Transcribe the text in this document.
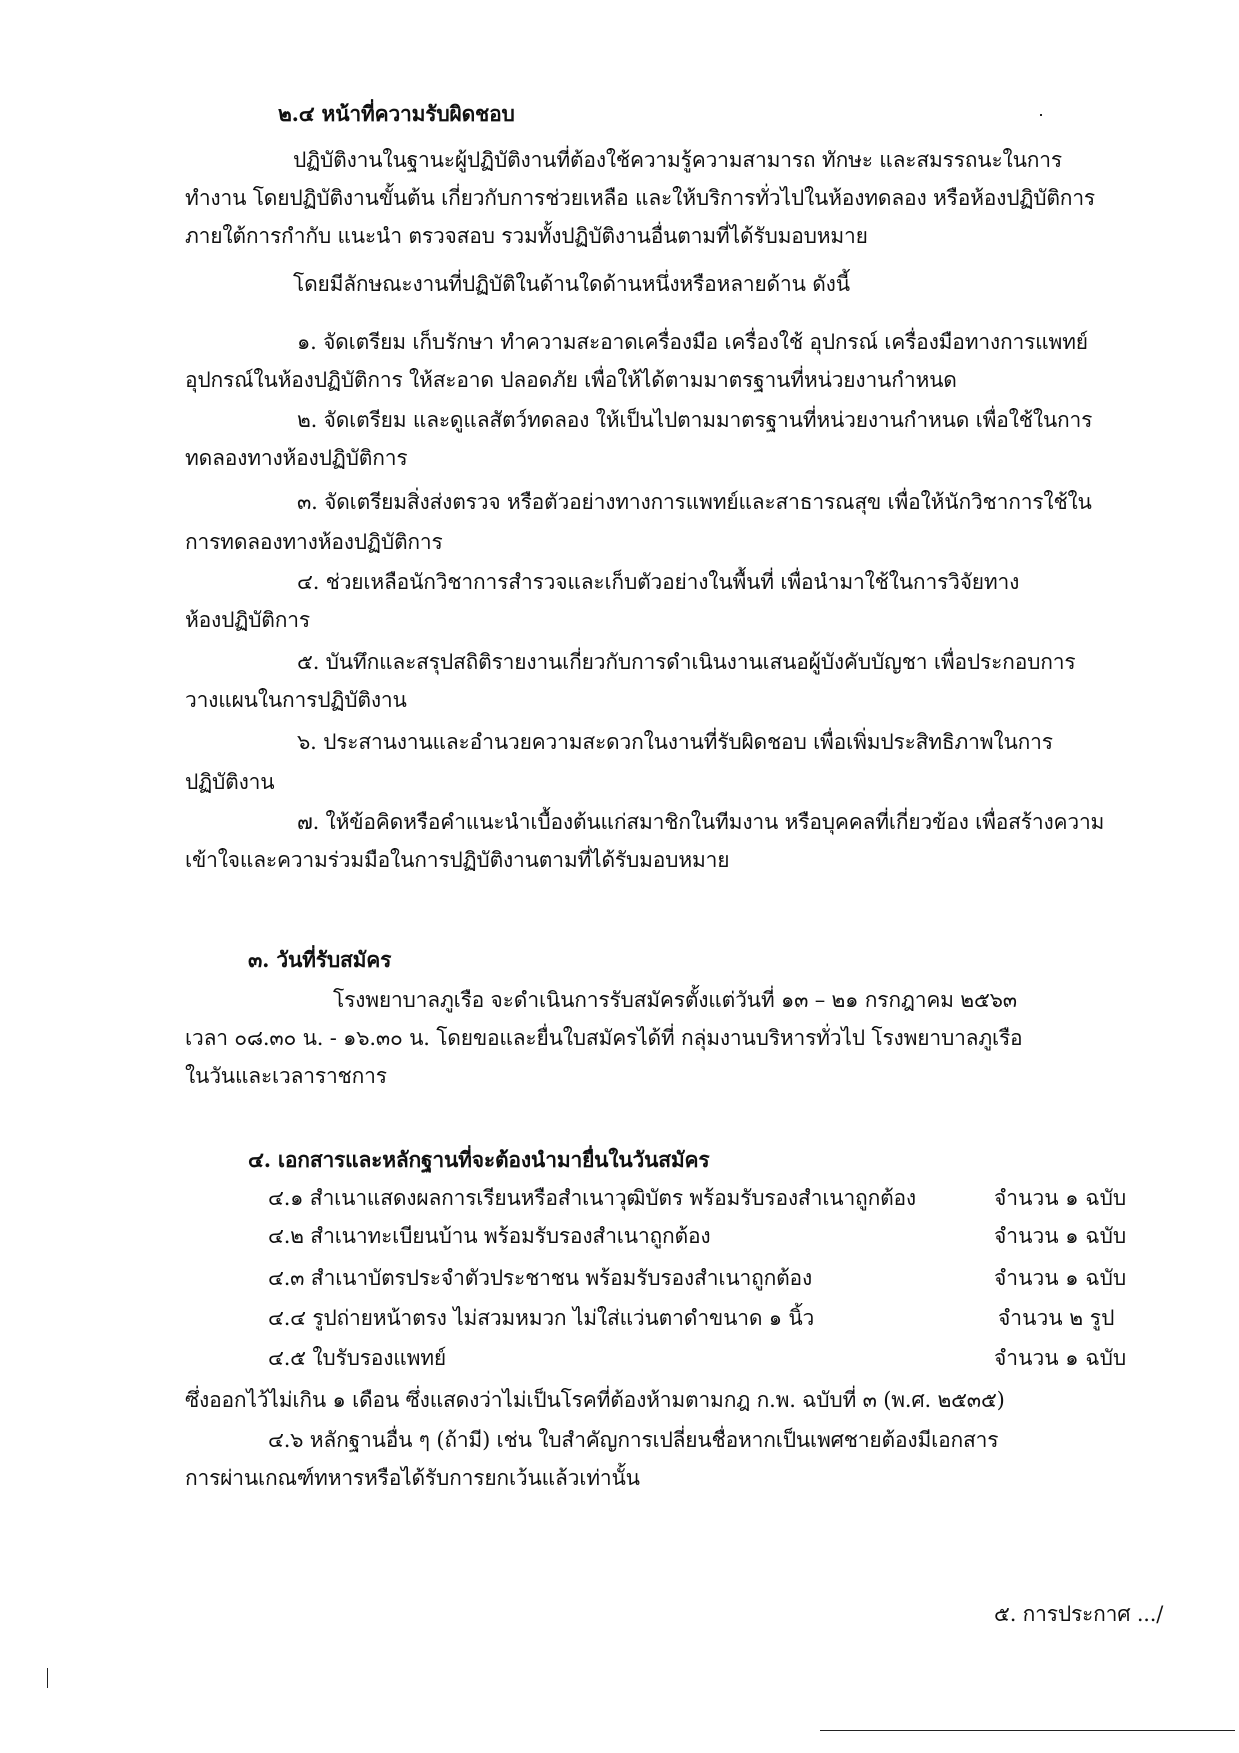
๒.๔ หน้าที่ความรับผิดชอบ
ปฏิบัติงานในฐานะผู้ปฏิบัติงานที่ต้องใช้ความรู้ความสามารถ ทักษะ และสมรรถนะในการ
ทำงาน โดยปฏิบัติงานขั้นต้น เกี่ยวกับการช่วยเหลือ และให้บริการทั่วไปในห้องทดลอง หรือห้องปฏิบัติการ
ภายใต้การกำกับ แนะนำ ตรวจสอบ รวมทั้งปฏิบัติงานอื่นตามที่ได้รับมอบหมาย
โดยมีลักษณะงานที่ปฏิบัติในด้านใดด้านหนึ่งหรือหลายด้าน ดังนี้
๑. จัดเตรียม เก็บรักษา ทำความสะอาดเครื่องมือ เครื่องใช้ อุปกรณ์ เครื่องมือทางการแพทย์
อุปกรณ์ในห้องปฏิบัติการ ให้สะอาด ปลอดภัย เพื่อให้ได้ตามมาตรฐานที่หน่วยงานกำหนด
๒. จัดเตรียม และดูแลสัตว์ทดลอง ให้เป็นไปตามมาตรฐานที่หน่วยงานกำหนด เพื่อใช้ในการ
ทดลองทางห้องปฏิบัติการ
๓. จัดเตรียมสิ่งส่งตรวจ หรือตัวอย่างทางการแพทย์และสาธารณสุข เพื่อให้นักวิชาการใช้ใน
การทดลองทางห้องปฏิบัติการ
๔. ช่วยเหลือนักวิชาการสำรวจและเก็บตัวอย่างในพื้นที่ เพื่อนำมาใช้ในการวิจัยทาง
ห้องปฏิบัติการ
๕. บันทึกและสรุปสถิติรายงานเกี่ยวกับการดำเนินงานเสนอผู้บังคับบัญชา เพื่อประกอบการ
วางแผนในการปฏิบัติงาน
๖. ประสานงานและอำนวยความสะดวกในงานที่รับผิดชอบ เพื่อเพิ่มประสิทธิภาพในการ
ปฏิบัติงาน
๗. ให้ข้อคิดหรือคำแนะนำเบื้องต้นแก่สมาชิกในทีมงาน หรือบุคคลที่เกี่ยวข้อง เพื่อสร้างความ
เข้าใจและความร่วมมือในการปฏิบัติงานตามที่ได้รับมอบหมาย
๓. วันที่รับสมัคร
โรงพยาบาลภูเรือ จะดำเนินการรับสมัครตั้งแต่วันที่ ๑๓ – ๒๑ กรกฎาคม ๒๕๖๓
เวลา ๐๘.๓๐ น. - ๑๖.๓๐ น. โดยขอและยื่นใบสมัครได้ที่ กลุ่มงานบริหารทั่วไป โรงพยาบาลภูเรือ
ในวันและเวลาราชการ
๔. เอกสารและหลักฐานที่จะต้องนำมายื่นในวันสมัคร
๔.๑ สำเนาแสดงผลการเรียนหรือสำเนาวุฒิบัตร พร้อมรับรองสำเนาถูกต้อง	จำนวน ๑ ฉบับ
๔.๒ สำเนาทะเบียนบ้าน พร้อมรับรองสำเนาถูกต้อง	จำนวน ๑ ฉบับ
๔.๓ สำเนาบัตรประจำตัวประชาชน พร้อมรับรองสำเนาถูกต้อง	จำนวน ๑ ฉบับ
๔.๔ รูปถ่ายหน้าตรง ไม่สวมหมวก ไม่ใส่แว่นตาดำขนาด ๑ นิ้ว	จำนวน ๒ รูป
๔.๕ ใบรับรองแพทย์	จำนวน ๑ ฉบับ
ซึ่งออกไว้ไม่เกิน ๑ เดือน ซึ่งแสดงว่าไม่เป็นโรคที่ต้องห้ามตามกฎ ก.พ. ฉบับที่ ๓ (พ.ศ. ๒๕๓๕)
๔.๖ หลักฐานอื่น ๆ (ถ้ามี) เช่น ใบสำคัญการเปลี่ยนชื่อหากเป็นเพศชายต้องมีเอกสาร
การผ่านเกณฑ์ทหารหรือได้รับการยกเว้นแล้วเท่านั้น
๕. การประกาศ .../
